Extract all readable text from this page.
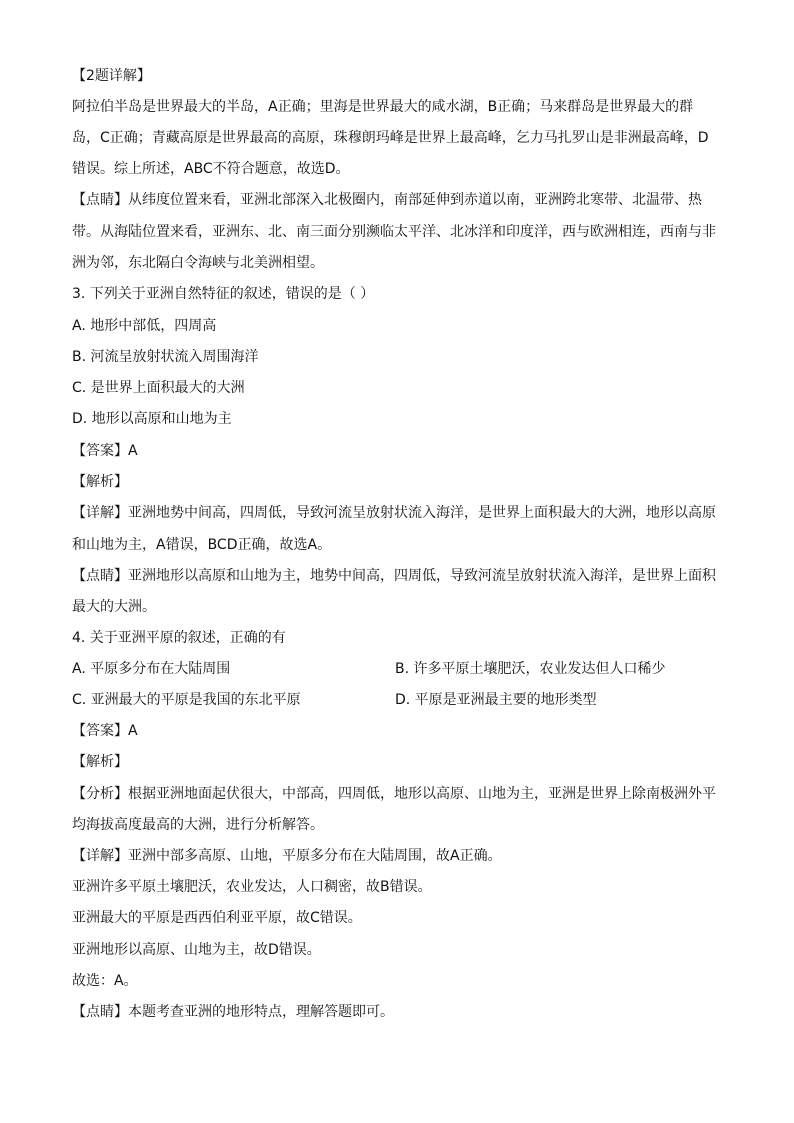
【2题详解】
阿拉伯半岛是世界最大的半岛，A正确；里海是世界最大的咸水湖，B正确；马来群岛是世界最大的群
岛，C正确；青藏高原是世界最高的高原，珠穆朗玛峰是世界上最高峰，乞力马扎罗山是非洲最高峰，D
错误。综上所述，ABC不符合题意，故选D。
【点睛】从纬度位置来看，亚洲北部深入北极圈内，南部延伸到赤道以南，亚洲跨北寒带、北温带、热
带。从海陆位置来看，亚洲东、北、南三面分别濒临太平洋、北冰洋和印度洋，西与欧洲相连，西南与非
洲为邻，东北隔白令海峡与北美洲相望。
3. 下列关于亚洲自然特征的叙述，错误的是（ ）
A. 地形中部低，四周高
B. 河流呈放射状流入周围海洋
C. 是世界上面积最大的大洲
D. 地形以高原和山地为主
【答案】A
【解析】
【详解】亚洲地势中间高，四周低，导致河流呈放射状流入海洋，是世界上面积最大的大洲，地形以高原
和山地为主，A错误，BCD正确，故选A。
【点睛】亚洲地形以高原和山地为主，地势中间高，四周低，导致河流呈放射状流入海洋，是世界上面积
最大的大洲。
4. 关于亚洲平原的叙述，正确的有
A. 平原多分布在大陆周围	B. 许多平原土壤肥沃，农业发达但人口稀少
C. 亚洲最大的平原是我国的东北平原	D. 平原是亚洲最主要的地形类型
【答案】A
【解析】
【分析】根据亚洲地面起伏很大，中部高，四周低，地形以高原、山地为主，亚洲是世界上除南极洲外平
均海拔高度最高的大洲，进行分析解答。
【详解】亚洲中部多高原、山地，平原多分布在大陆周围，故A正确。
亚洲许多平原土壤肥沃，农业发达，人口稠密，故B错误。
亚洲最大的平原是西西伯利亚平原，故C错误。
亚洲地形以高原、山地为主，故D错误。
故选：A。
【点睛】本题考查亚洲的地形特点，理解答题即可。
